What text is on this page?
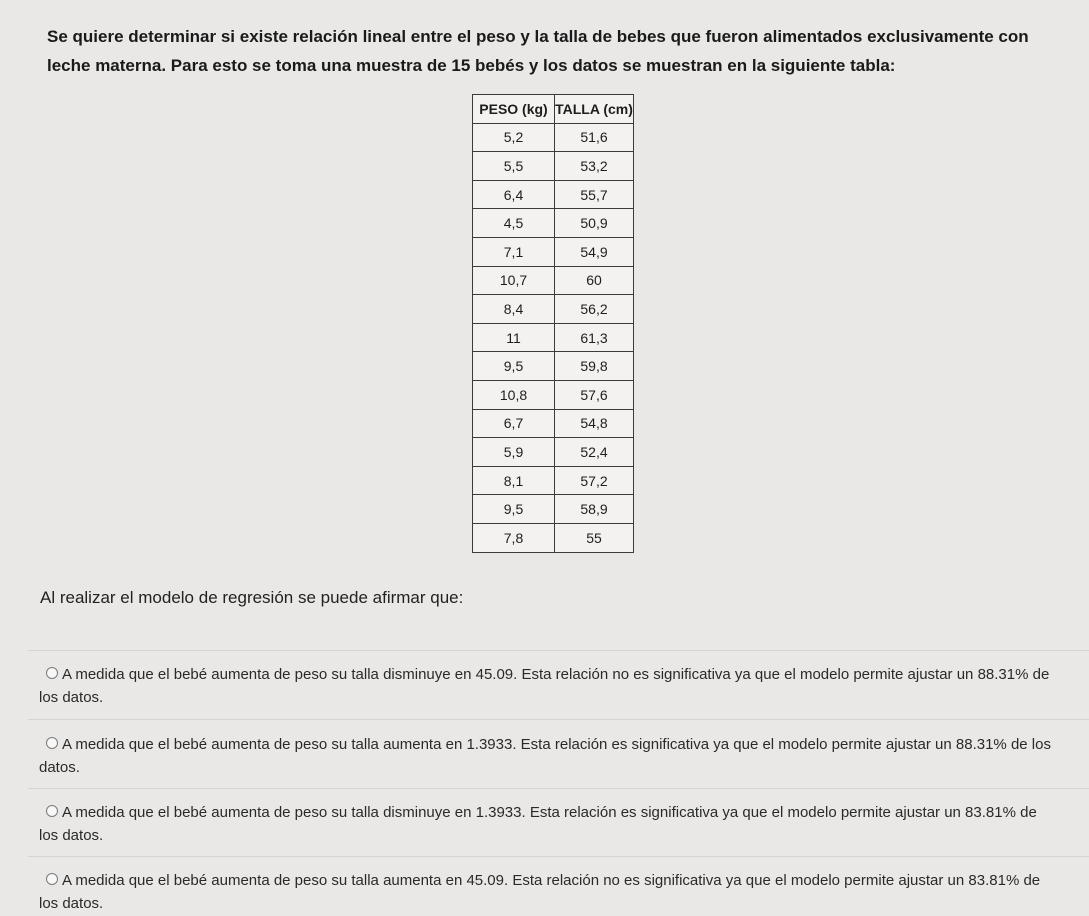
Se quiere determinar si existe relación lineal entre el peso y la talla de bebes que fueron alimentados exclusivamente con leche materna. Para esto se toma una muestra de 15 bebés y los datos se muestran en la siguiente tabla:
PESO (kg)	TALLA (cm)
5,2	51,6
5,5	53,2
6,4	55,7
4,5	50,9
7,1	54,9
10,7	60
8,4	56,2
11	61,3
9,5	59,8
10,8	57,6
6,7	54,8
5,9	52,4
8,1	57,2
9,5	58,9
7,8	55
Al realizar el modelo de regresión se puede afirmar que:
A medida que el bebé aumenta de peso su talla disminuye en 45.09. Esta relación no es significativa ya que el modelo permite ajustar un 88.31% de los datos.
A medida que el bebé aumenta de peso su talla aumenta en 1.3933. Esta relación es significativa ya que el modelo permite ajustar un 88.31% de los datos.
A medida que el bebé aumenta de peso su talla disminuye en 1.3933. Esta relación es significativa ya que el modelo permite ajustar un 83.81% de los datos.
A medida que el bebé aumenta de peso su talla aumenta en 45.09. Esta relación no es significativa ya que el modelo permite ajustar un 83.81% de los datos.
